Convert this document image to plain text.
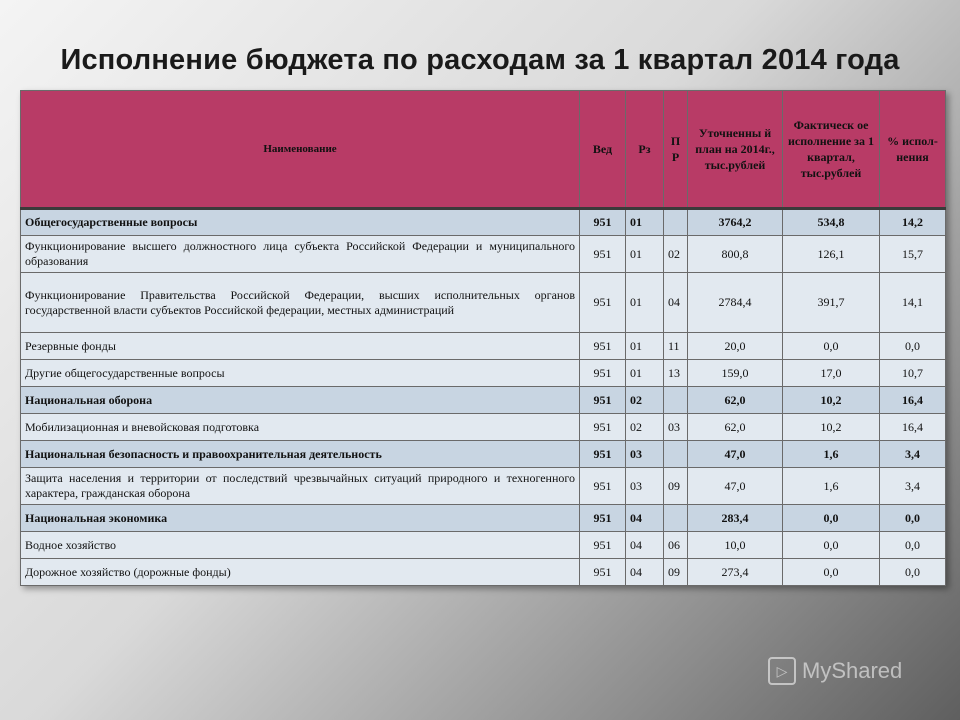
Исполнение бюджета по расходам за 1 квартал 2014 года
Наименование	Вед	Рз	П Р	Уточненны й план на 2014г., тыс.рублей	Фактическ ое исполнение за 1 квартал, тыс.рублей	% испол-нения
Общегосударственные вопросы	951	01		3764,2	534,8	14,2
Функционирование высшего должностного лица субъекта Российской Федерации и муниципального образования	951	01	02	800,8	126,1	15,7
Функционирование Правительства Российской Федерации, высших исполнительных органов государственной власти субъектов Российской федерации, местных администраций	951	01	04	2784,4	391,7	14,1
Резервные фонды	951	01	11	20,0	0,0	0,0
Другие общегосударственные вопросы	951	01	13	159,0	17,0	10,7
Национальная оборона	951	02		62,0	10,2	16,4
Мобилизационная и вневойсковая подготовка	951	02	03	62,0	10,2	16,4
Национальная безопасность и правоохранительная деятельность	951	03		47,0	1,6	3,4
Защита населения и территории от последствий чрезвычайных ситуаций природного и техногенного характера, гражданская оборона	951	03	09	47,0	1,6	3,4
Национальная экономика	951	04		283,4	0,0	0,0
Водное хозяйство	951	04	06	10,0	0,0	0,0
Дорожное хозяйство (дорожные фонды)	951	04	09	273,4	0,0	0,0
▷ MyShared
